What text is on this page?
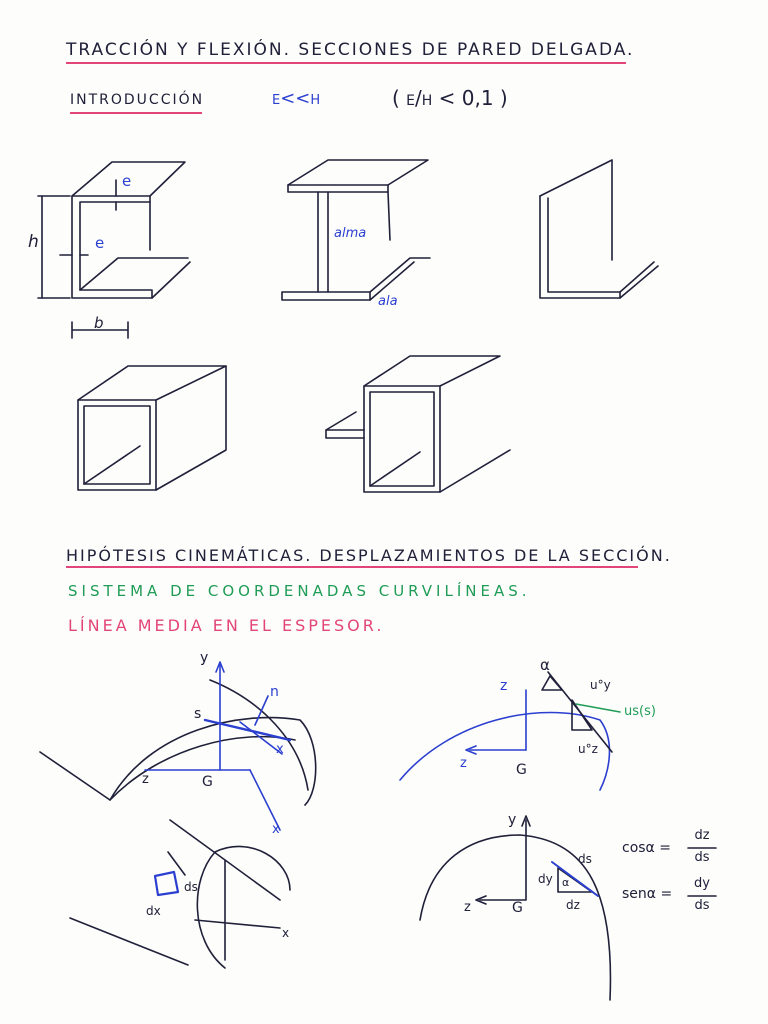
TRACCIÓN Y FLEXIÓN. SECCIONES DE PARED DELGADA.
INTRODUCCIÓN	e<<h	( e/h < 0,1 )
h
e
e
b
alma
ala
HIPÓTESIS CINEMÁTICAS. DESPLAZAMIENTOS DE LA SECCIÓN.
SISTEMA DE COORDENADAS CURVILÍNEAS.
LÍNEA MEDIA EN EL ESPESOR.
y
s
n
x
z	G
x
α
z
z	G
u°y
us(s)
u°z
ds
dx
x
y
z	G
ds
dy
dz
α
cosα =
dz
ds
senα =
dy
ds
